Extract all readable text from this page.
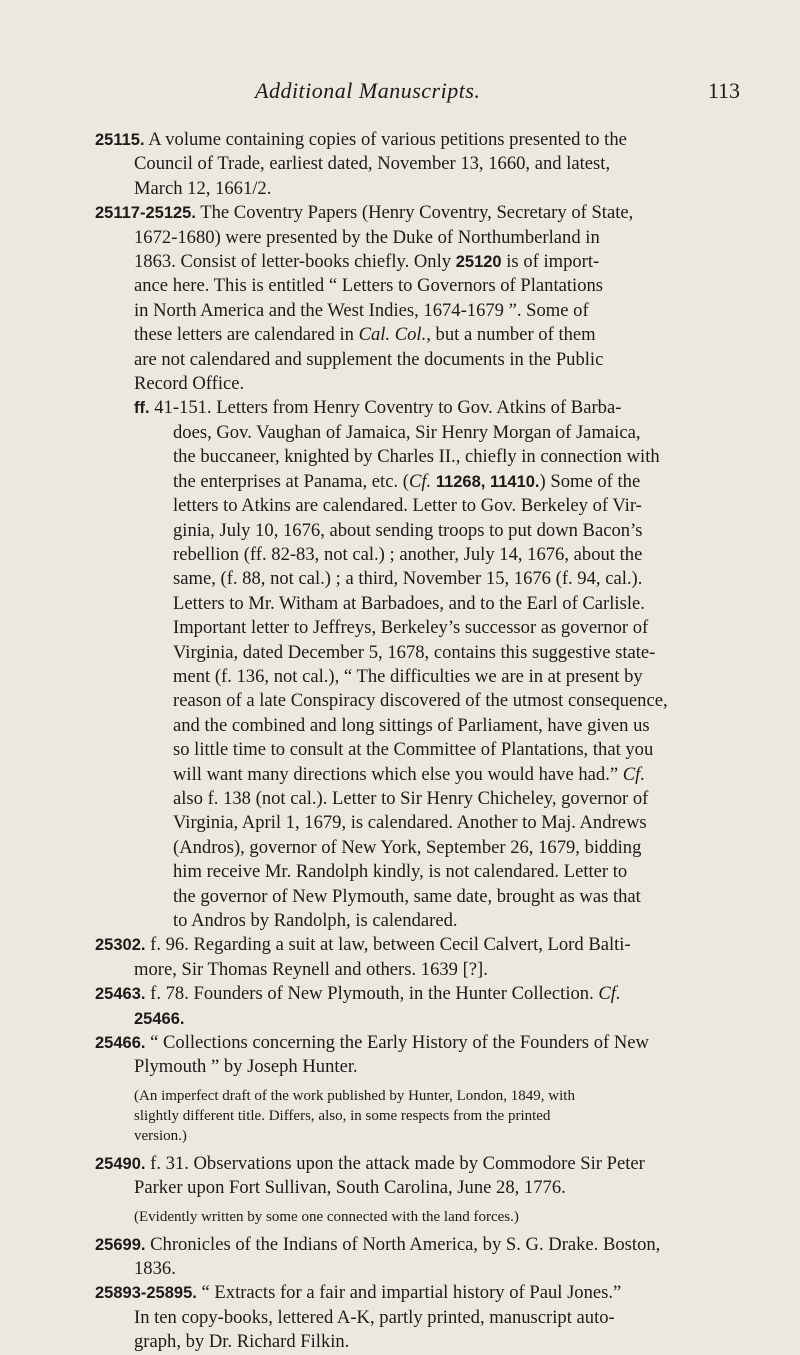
Additional Manuscripts.	113
25115. A volume containing copies of various petitions presented to the
Council of Trade, earliest dated, November 13, 1660, and latest,
March 12, 1661/2.
25117-25125. The Coventry Papers (Henry Coventry, Secretary of State,
1672-1680) were presented by the Duke of Northumberland in
1863. Consist of letter-books chiefly. Only 25120 is of import-
ance here. This is entitled “ Letters to Governors of Plantations
in North America and the West Indies, 1674-1679 ”. Some of
these letters are calendared in Cal. Col., but a number of them
are not calendared and supplement the documents in the Public
Record Office.
ff. 41-151. Letters from Henry Coventry to Gov. Atkins of Barba-
does, Gov. Vaughan of Jamaica, Sir Henry Morgan of Jamaica,
the buccaneer, knighted by Charles II., chiefly in connection with
the enterprises at Panama, etc. (Cf. 11268, 11410.) Some of the
letters to Atkins are calendared. Letter to Gov. Berkeley of Vir-
ginia, July 10, 1676, about sending troops to put down Bacon’s
rebellion (ff. 82-83, not cal.) ; another, July 14, 1676, about the
same, (f. 88, not cal.) ; a third, November 15, 1676 (f. 94, cal.).
Letters to Mr. Witham at Barbadoes, and to the Earl of Carlisle.
Important letter to Jeffreys, Berkeley’s successor as governor of
Virginia, dated December 5, 1678, contains this suggestive state-
ment (f. 136, not cal.), “ The difficulties we are in at present by
reason of a late Conspiracy discovered of the utmost consequence,
and the combined and long sittings of Parliament, have given us
so little time to consult at the Committee of Plantations, that you
will want many directions which else you would have had.” Cf.
also f. 138 (not cal.). Letter to Sir Henry Chicheley, governor of
Virginia, April 1, 1679, is calendared. Another to Maj. Andrews
(Andros), governor of New York, September 26, 1679, bidding
him receive Mr. Randolph kindly, is not calendared. Letter to
the governor of New Plymouth, same date, brought as was that
to Andros by Randolph, is calendared.
25302. f. 96. Regarding a suit at law, between Cecil Calvert, Lord Balti-
more, Sir Thomas Reynell and others. 1639 [?].
25463. f. 78. Founders of New Plymouth, in the Hunter Collection. Cf.
25466.
25466. “ Collections concerning the Early History of the Founders of New
Plymouth ” by Joseph Hunter.
(An imperfect draft of the work published by Hunter, London, 1849, with
slightly different title. Differs, also, in some respects from the printed
version.)
25490. f. 31. Observations upon the attack made by Commodore Sir Peter
Parker upon Fort Sullivan, South Carolina, June 28, 1776.
(Evidently written by some one connected with the land forces.)
25699. Chronicles of the Indians of North America, by S. G. Drake. Boston,
1836.
25893-25895. “ Extracts for a fair and impartial history of Paul Jones.”
In ten copy-books, lettered A-K, partly printed, manuscript auto-
graph, by Dr. Richard Filkin.
